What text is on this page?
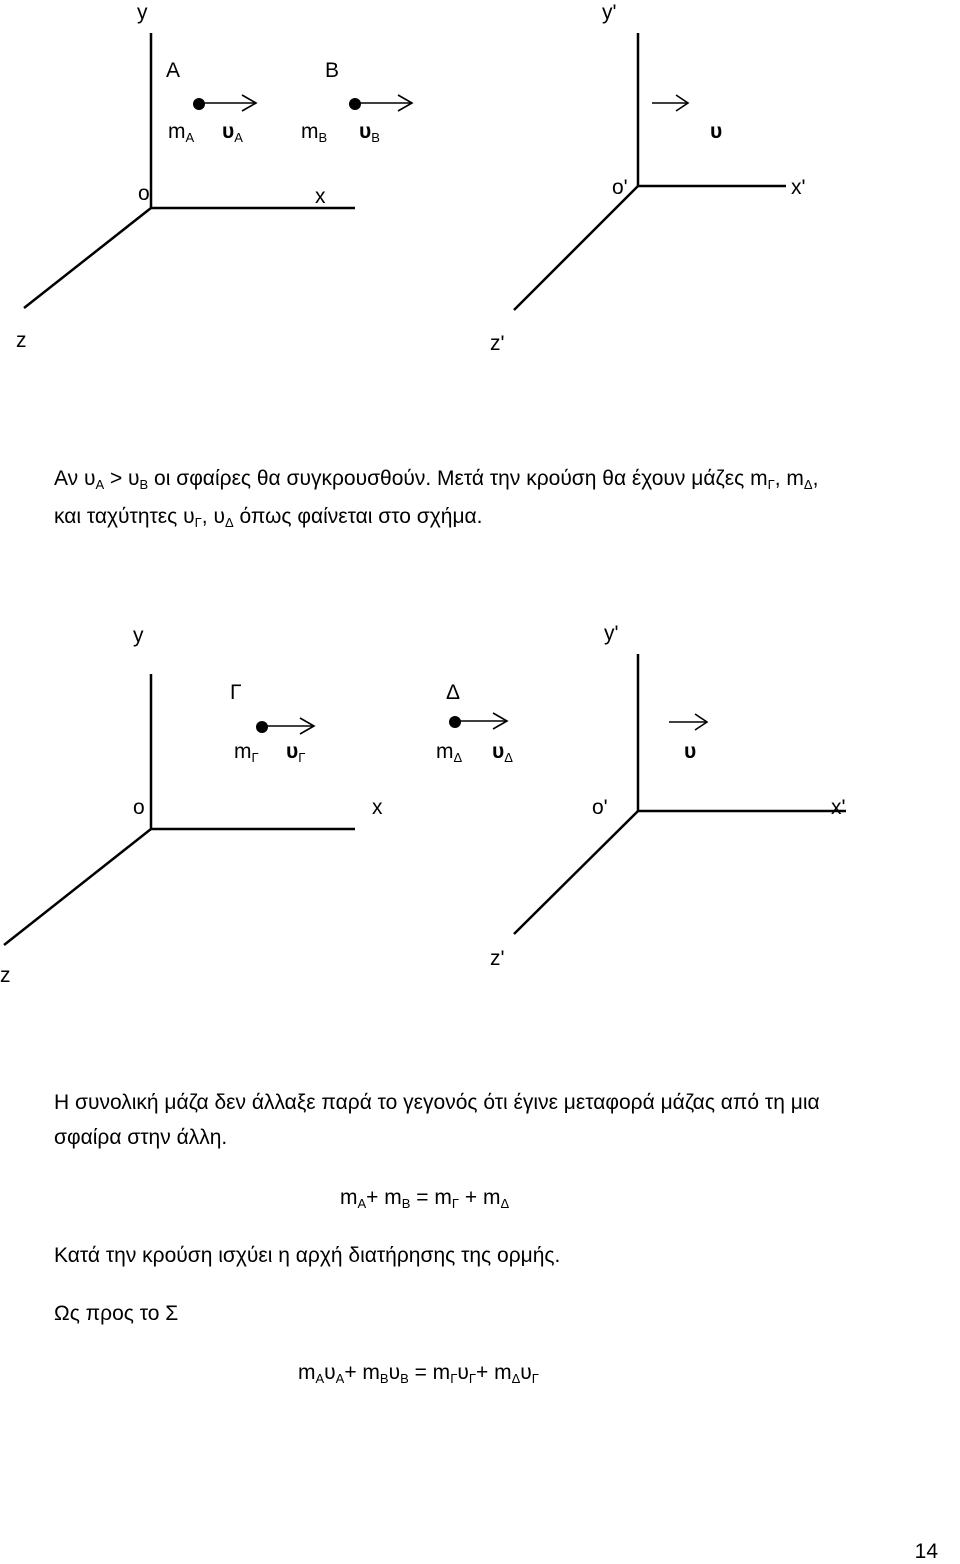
y
o	x
z
y'
o'	x'
z'
A
$m_A$ $\upsilon_A$
B
$m_B$ $\upsilon_B$	υ
Αν $\upsilon_A > \upsilon_B$ οι σφαίρες θα συγκρουσθούν. Μετά την κρούση θα έχουν μάζες $m_\Gamma$, $m_\Delta$,
και ταχύτητες $\upsilon_\Gamma$, $\upsilon_\Delta$ όπως φαίνεται στο σχήμα.
y
o	x
z
y'
o'	x'
z'
Γ
$m_\Gamma$ $\upsilon_\Gamma$
Δ
$m_\Delta$ $\upsilon_\Delta$	υ
Η συνολική μάζα δεν άλλαξε παρά το γεγονός ότι έγινε μεταφορά μάζας από τη μια
σφαίρα στην άλλη.
$m_A+ m_B = m_\Gamma + m_\Delta$
Κατά την κρούση ισχύει η αρχή διατήρησης της ορμής.
Ως προς το Σ
$m_A\upsilon_A+ m_B\upsilon_B = m_\Gamma\upsilon_\Gamma+ m_\Delta\upsilon_\Gamma$
14
